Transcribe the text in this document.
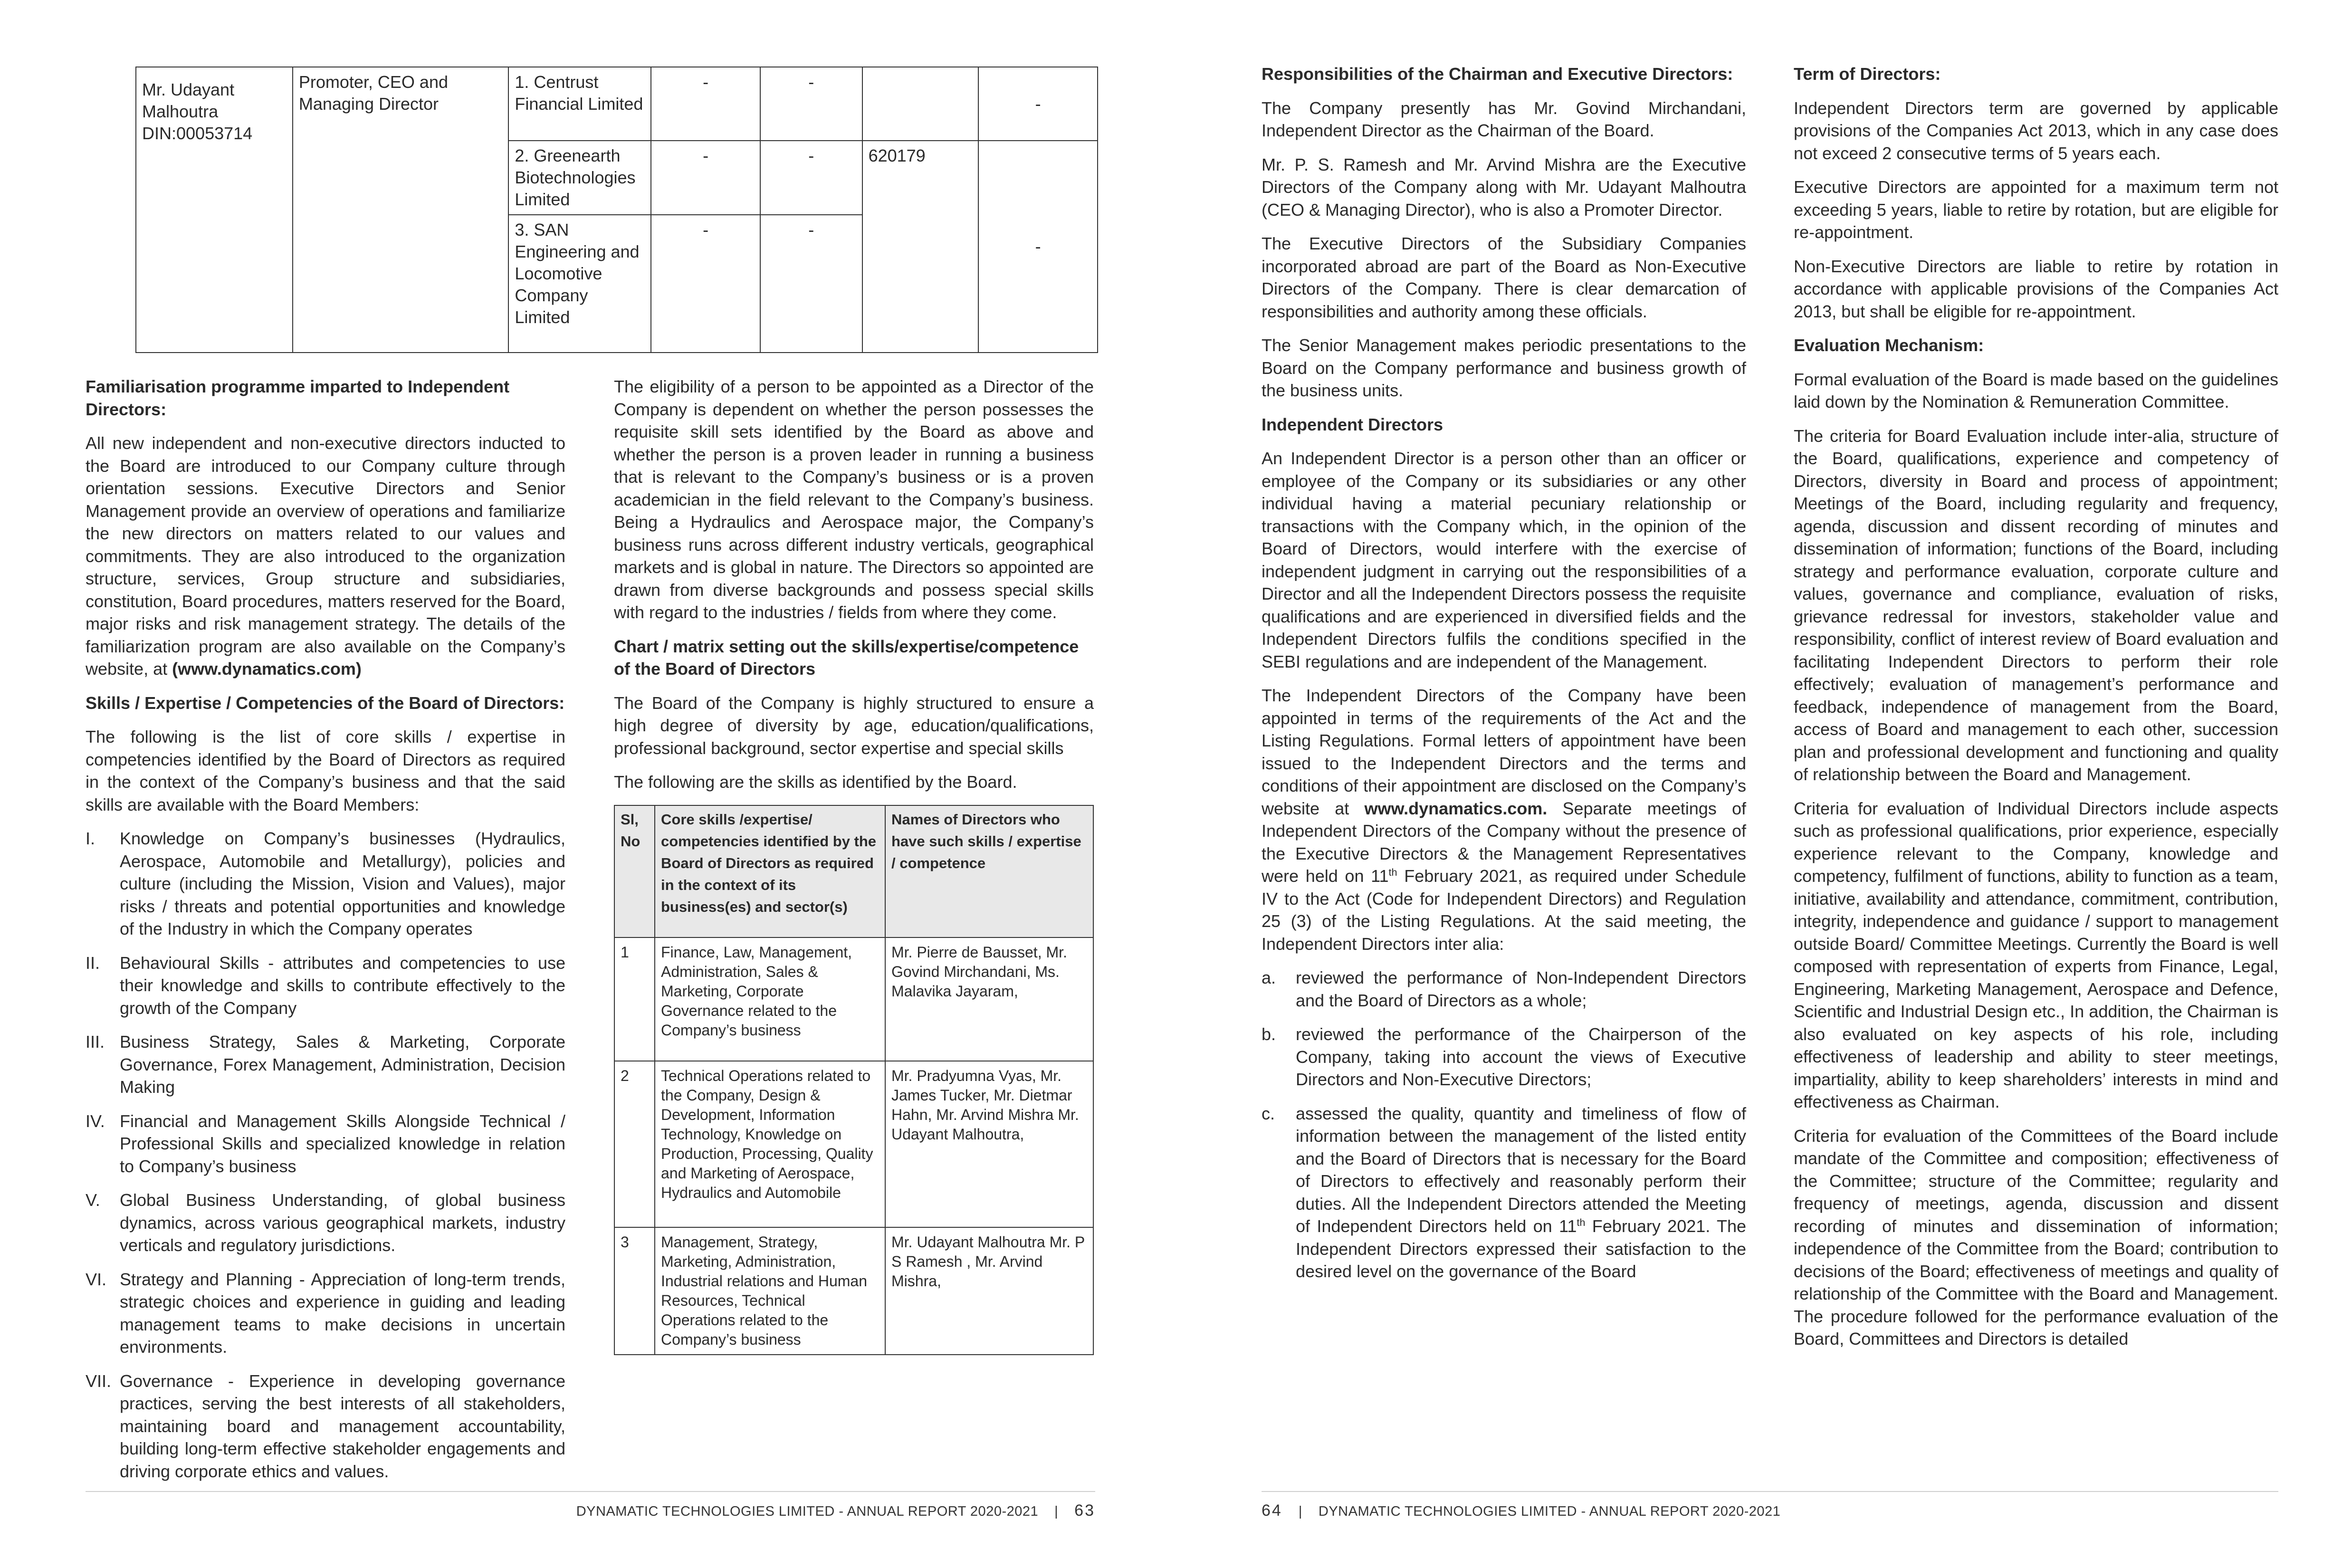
Mr. Udayant
Malhoutra
DIN:00053714	Promoter, CEO and Managing Director	1. Centrust Financial Limited	-	-		-
		2. Greenearth Biotechnologies Limited	-	-	620179	-
		3. SAN Engineering and Locomotive Company Limited	-	-		
Familiarisation programme imparted to Independent Directors:

All new independent and non-executive directors inducted to the Board are introduced to our Company culture through orientation sessions. Executive Directors and Senior Management provide an overview of operations and familiarize the new directors on matters related to our values and commitments. They are also introduced to the organization structure, services, Group structure and subsidiaries, constitution, Board procedures, matters reserved for the Board, major risks and risk management strategy. The details of the familiarization program are also available on the Company’s website, at (www.dynamatics.com)

Skills / Expertise / Competencies of the Board of Directors:

The following is the list of core skills / expertise in competencies identified by the Board of Directors as required in the context of the Company’s business and that the said skills are available with the Board Members:

I. Knowledge on Company’s businesses (Hydraulics, Aerospace, Automobile and Metallurgy), policies and culture (including the Mission, Vision and Values), major risks / threats and potential opportunities and knowledge of the Industry in which the Company operates
II. Behavioural Skills - attributes and competencies to use their knowledge and skills to contribute effectively to the growth of the Company
III. Business Strategy, Sales & Marketing, Corporate Governance, Forex Management, Administration, Decision Making
IV. Financial and Management Skills Alongside Technical / Professional Skills and specialized knowledge in relation to Company’s business
V. Global Business Understanding, of global business dynamics, across various geographical markets, industry verticals and regulatory jurisdictions.
VI. Strategy and Planning - Appreciation of long-term trends, strategic choices and experience in guiding and leading management teams to make decisions in uncertain environments.
VII. Governance - Experience in developing governance practices, serving the best interests of all stakeholders, maintaining board and management accountability, building long-term effective stakeholder engagements and driving corporate ethics and values.

The eligibility of a person to be appointed as a Director of the Company is dependent on whether the person possesses the requisite skill sets identified by the Board as above and whether the person is a proven leader in running a business that is relevant to the Company’s business or is a proven academician in the field relevant to the Company’s business. Being a Hydraulics and Aerospace major, the Company’s business runs across different industry verticals, geographical markets and is global in nature. The Directors so appointed are drawn from diverse backgrounds and possess special skills with regard to the industries / fields from where they come.

Chart / matrix setting out the skills/expertise/competence of the Board of Directors

The Board of the Company is highly structured to ensure a high degree of diversity by age, education/qualifications, professional background, sector expertise and special skills

The following are the skills as identified by the Board.

Sl, No	Core skills /expertise/ competencies identified by the Board of Directors as required in the context of its business(es) and sector(s)	Names of Directors who have such skills / expertise / competence
1	Finance, Law, Management, Administration, Sales & Marketing, Corporate Governance related to the Company’s business	Mr. Pierre de Bausset, Mr. Govind Mirchandani, Ms. Malavika Jayaram,
2	Technical Operations related to the Company, Design & Development, Information Technology, Knowledge on Production, Processing, Quality and Marketing of Aerospace, Hydraulics and Automobile	Mr. Pradyumna Vyas, Mr. James Tucker, Mr. Dietmar Hahn, Mr. Arvind Mishra Mr. Udayant Malhoutra,
3	Management, Strategy, Marketing, Administration, Industrial relations and Human Resources, Technical Operations related to the Company’s business	Mr. Udayant Malhoutra Mr. P S Ramesh , Mr. Arvind Mishra,
Responsibilities of the Chairman and Executive Directors:

The Company presently has Mr. Govind Mirchandani, Independent Director as the Chairman of the Board.

Mr. P. S. Ramesh and Mr. Arvind Mishra are the Executive Directors of the Company along with Mr. Udayant Malhoutra (CEO & Managing Director), who is also a Promoter Director.

The Executive Directors of the Subsidiary Companies incorporated abroad are part of the Board as Non-Executive Directors of the Company. There is clear demarcation of responsibilities and authority among these officials.

The Senior Management makes periodic presentations to the Board on the Company performance and business growth of the business units.

Independent Directors

An Independent Director is a person other than an officer or employee of the Company or its subsidiaries or any other individual having a material pecuniary relationship or transactions with the Company which, in the opinion of the Board of Directors, would interfere with the exercise of independent judgment in carrying out the responsibilities of a Director and all the Independent Directors possess the requisite qualifications and are experienced in diversified fields and the Independent Directors fulfils the conditions specified in the SEBI regulations and are independent of the Management.

The Independent Directors of the Company have been appointed in terms of the requirements of the Act and the Listing Regulations. Formal letters of appointment have been issued to the Independent Directors and the terms and conditions of their appointment are disclosed on the Company’s website at www.dynamatics.com. Separate meetings of Independent Directors of the Company without the presence of the Executive Directors & the Management Representatives were held on 11th February 2021, as required under Schedule IV to the Act (Code for Independent Directors) and Regulation 25 (3) of the Listing Regulations. At the said meeting, the Independent Directors inter alia:

a. reviewed the performance of Non-Independent Directors and the Board of Directors as a whole;
b. reviewed the performance of the Chairperson of the Company, taking into account the views of Executive Directors and Non-Executive Directors;
c. assessed the quality, quantity and timeliness of flow of information between the management of the listed entity and the Board of Directors that is necessary for the Board of Directors to effectively and reasonably perform their duties. All the Independent Directors attended the Meeting of Independent Directors held on 11th February 2021. The Independent Directors expressed their satisfaction to the desired level on the governance of the Board
Term of Directors:

Independent Directors term are governed by applicable provisions of the Companies Act 2013, which in any case does not exceed 2 consecutive terms of 5 years each.

Executive Directors are appointed for a maximum term not exceeding 5 years, liable to retire by rotation, but are eligible for re-appointment.

Non-Executive Directors are liable to retire by rotation in accordance with applicable provisions of the Companies Act 2013, but shall be eligible for re-appointment.

Evaluation Mechanism:

Formal evaluation of the Board is made based on the guidelines laid down by the Nomination & Remuneration Committee.

The criteria for Board Evaluation include inter-alia, structure of the Board, qualifications, experience and competency of Directors, diversity in Board and process of appointment; Meetings of the Board, including regularity and frequency, agenda, discussion and dissent recording of minutes and dissemination of information; functions of the Board, including strategy and performance evaluation, corporate culture and values, governance and compliance, evaluation of risks, grievance redressal for investors, stakeholder value and responsibility, conflict of interest review of Board evaluation and facilitating Independent Directors to perform their role effectively; evaluation of management’s performance and feedback, independence of management from the Board, access of Board and management to each other, succession plan and professional development and functioning and quality of relationship between the Board and Management.

Criteria for evaluation of Individual Directors include aspects such as professional qualifications, prior experience, especially experience relevant to the Company, knowledge and competency, fulfilment of functions, ability to function as a team, initiative, availability and attendance, commitment, contribution, integrity, independence and guidance / support to management outside Board/ Committee Meetings. Currently the Board is well composed with representation of experts from Finance, Legal, Engineering, Marketing Management, Aerospace and Defence, Scientific and Industrial Design etc., In addition, the Chairman is also evaluated on key aspects of his role, including effectiveness of leadership and ability to steer meetings, impartiality, ability to keep shareholders’ interests in mind and effectiveness as Chairman.

Criteria for evaluation of the Committees of the Board include mandate of the Committee and composition; effectiveness of the Committee; structure of the Committee; regularity and frequency of meetings, agenda, discussion and dissent recording of minutes and dissemination of information; independence of the Committee from the Board; contribution to decisions of the Board; effectiveness of meetings and quality of relationship of the Committee with the Board and Management. The procedure followed for the performance evaluation of the Board, Committees and Directors is detailed

DYNAMATIC TECHNOLOGIES LIMITED - ANNUAL REPORT 2020-2021 | 63	64 | DYNAMATIC TECHNOLOGIES LIMITED - ANNUAL REPORT 2020-2021
